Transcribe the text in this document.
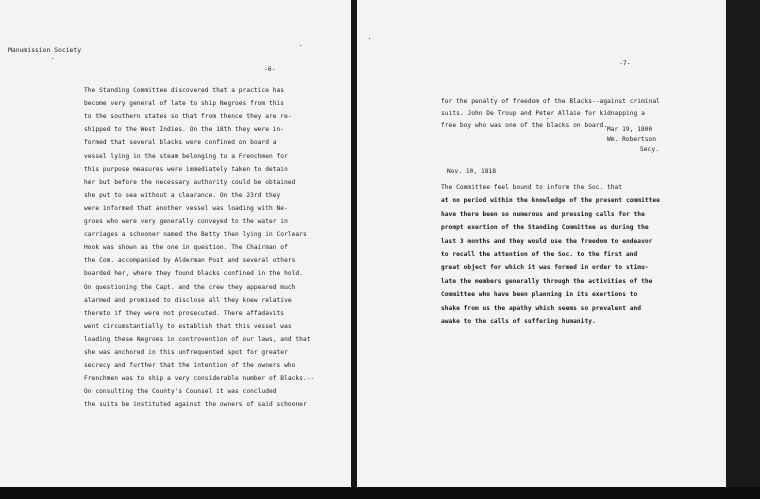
Manumission Society
-6-
The Standing Committee discovered that a practice has
become very general of late to ship Negroes from this
to the southern states so that from thence they are re-
shipped to the West Indies. On the 18th they were in-
formed that several blacks were confined on board a
vessel lying in the steam belonging to a Frenchmen for
this purpose measures were immediately taken to detain
her but before the necessary authority could be obtained
she put to sea without a clearance. On the 23rd they
were informed that another vessel was loading with Ne-
groes who were very generally conveyed to the water in
carriages a schooner named the Betty then lying in Corlears
Hook was shown as the one in question. The Chairman of
the Com. accompanied by Alderman Post and several others
boarded her, where they found blacks confined in the hold.
On questioning the Capt. and the crew they appeared much
alarmed and promised to disclose all they knew relative
thereto if they were not prosecuted. There affadavits
went circumstantially to establish that this vessel was
loading these Negroes in controvention of our laws, and that
she was anchored in this unfrequented spot for greater
secrecy and further that the intention of the owners who
Frenchmen was to ship a very considerable number of Blacks.--
On consulting the County's Counsel it was concluded
the suits be instituted against the owners of said schooner
-7-
for the penalty of freedom of the Blacks--against criminal
suits. John De Troup and Peter Allaie for kidnapping a
free boy who was one of the blacks on board.
Mar 19, 1800
Wm. Robertson
Secy.
Nov. 10, 1818
The Committee feel bound to inform the Soc. that
at no period within the knowledge of the present committee
have there been so numerous and pressing calls for the
prompt exertion of the Standing Committee as during the
last 3 months and they would use the freedom to endeavor
to recall the attention of the Soc. to the first and
great object for which it was formed in order to stimu-
late the members generally through the activities of the
Committee who have been planning in its exertions to
shake from us the apathy which seems so prevalent and
awake to the calls of suffering humanity.
